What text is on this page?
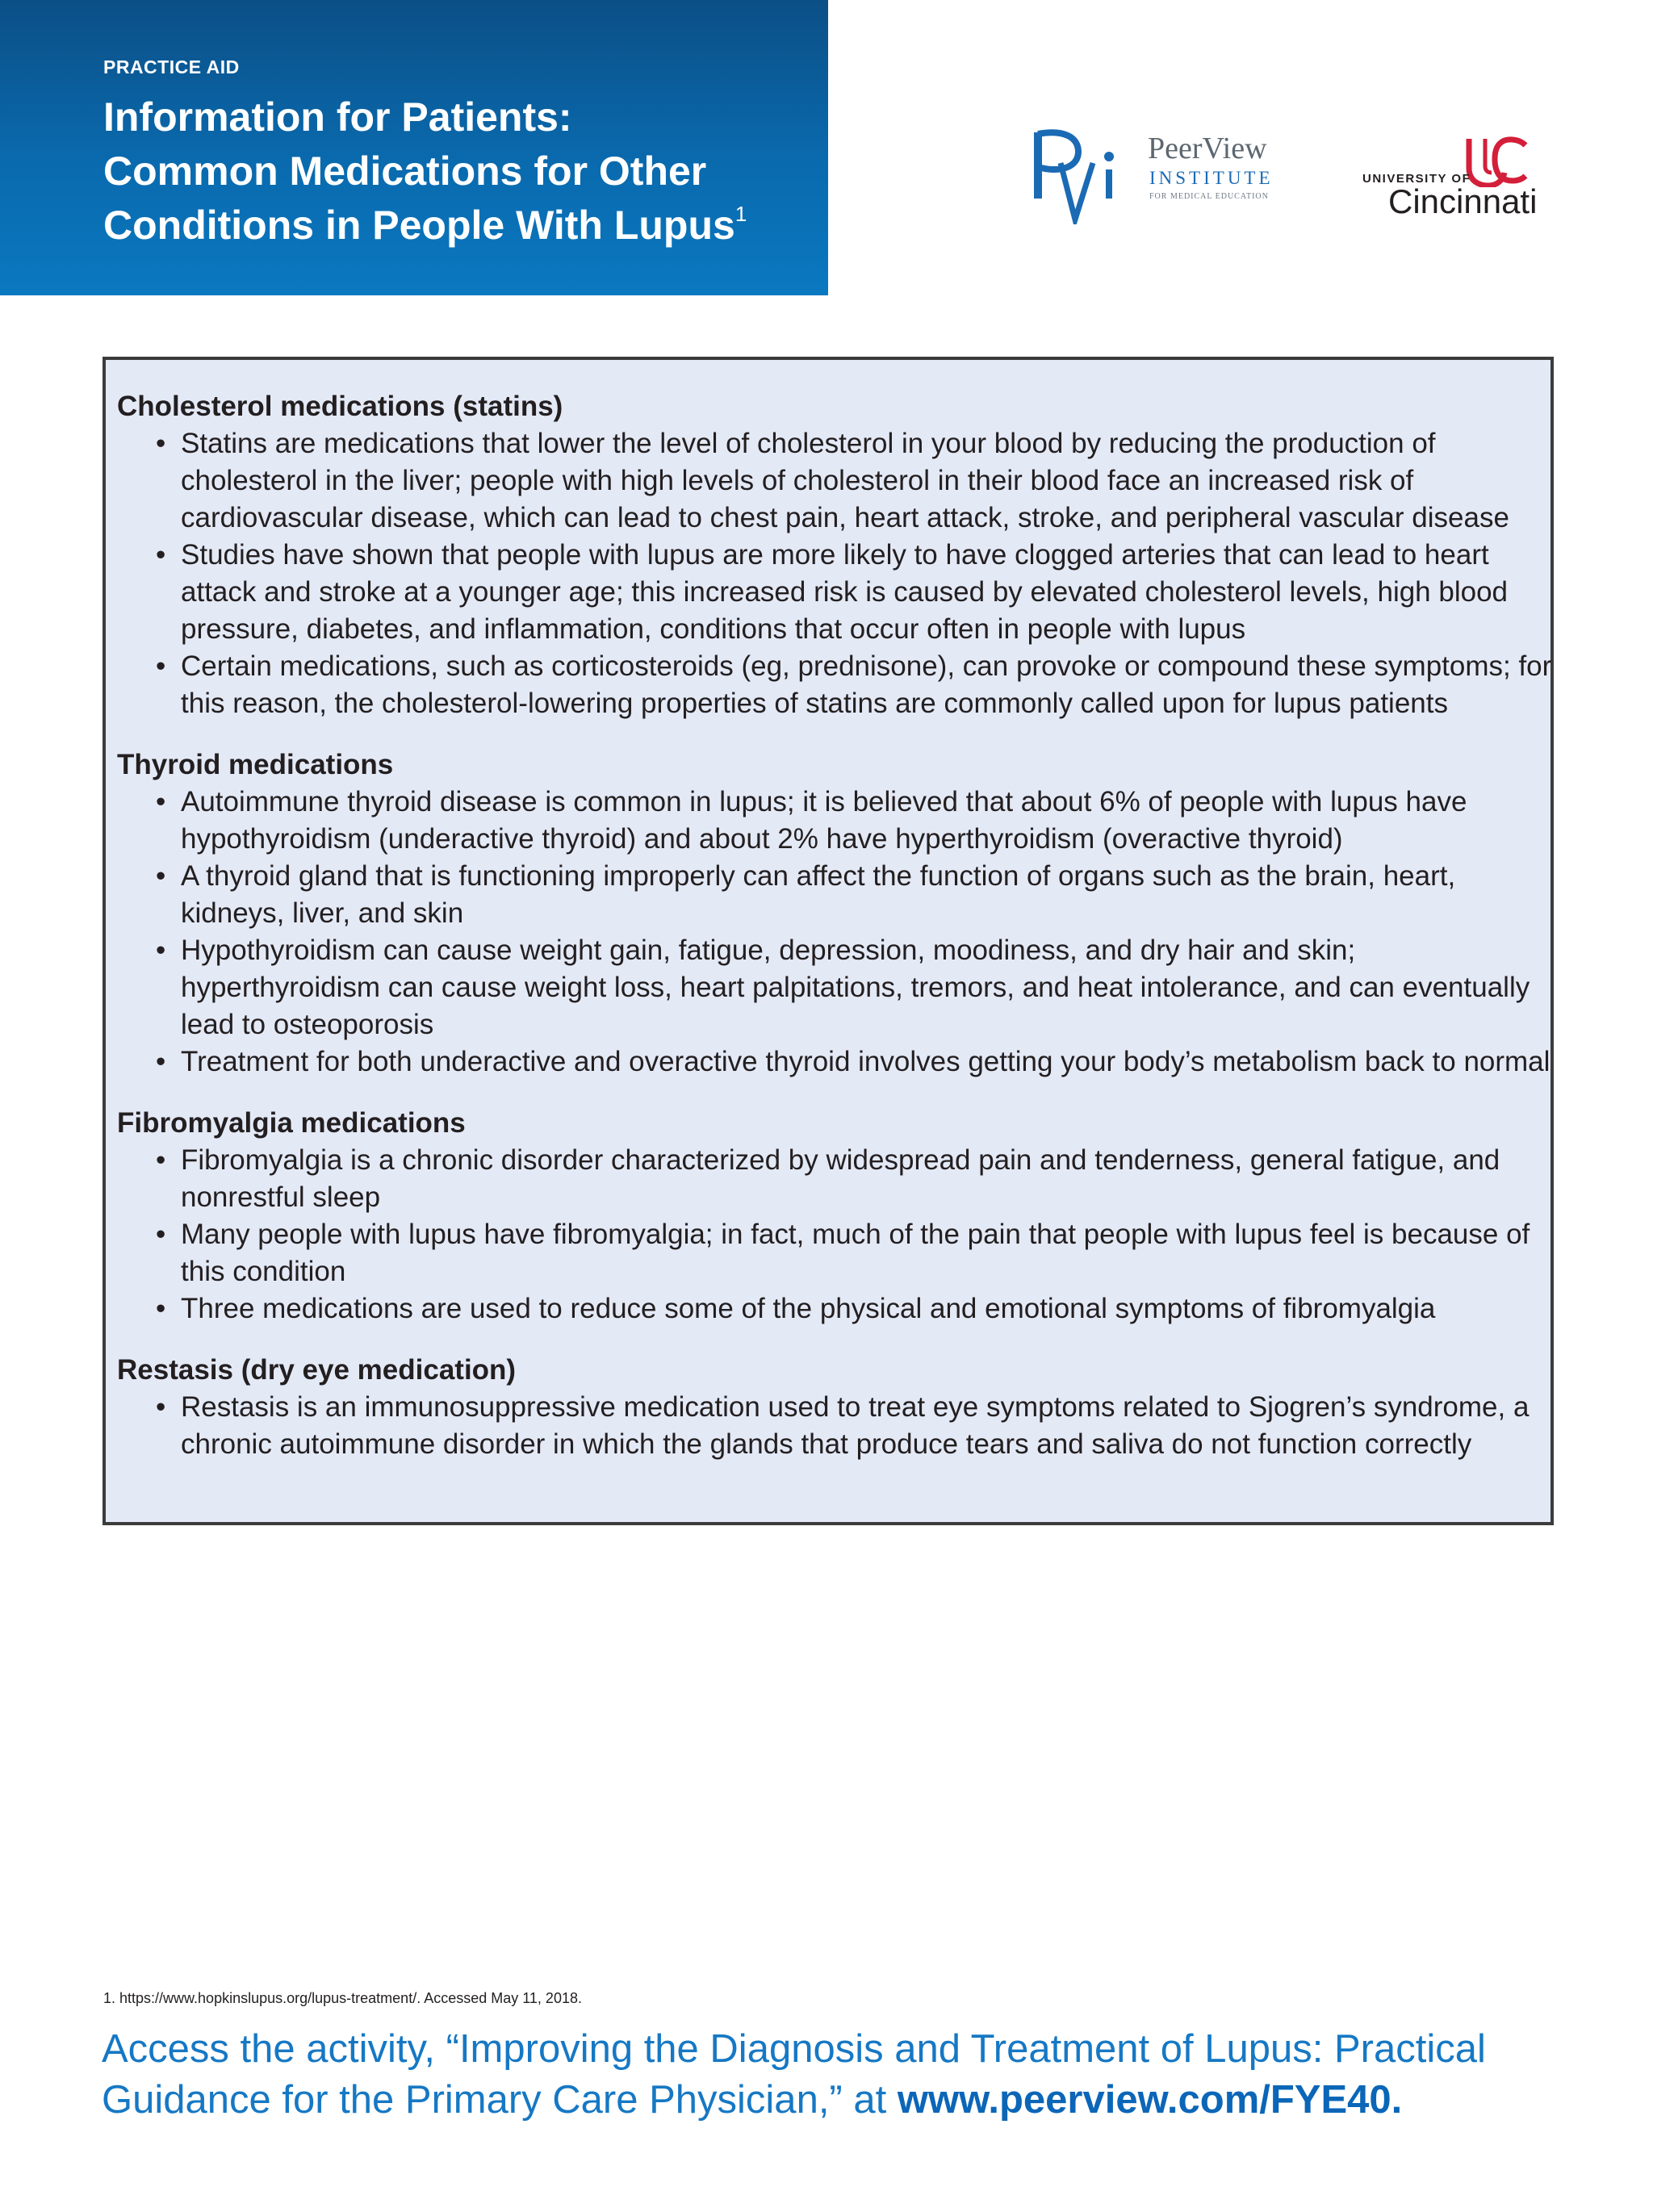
PRACTICE AID
Information for Patients:
Common Medications for Other
Conditions in People With Lupus$^1$
PeerView
INSTITUTE
FOR MEDICAL EDUCATION
UNIVERSITY OF
Cincinnati
Cholesterol medications (statins)
• Statins are medications that lower the level of cholesterol in your blood by reducing the production of cholesterol in the liver; people with high levels of cholesterol in their blood face an increased risk of cardiovascular disease, which can lead to chest pain, heart attack, stroke, and peripheral vascular disease
• Studies have shown that people with lupus are more likely to have clogged arteries that can lead to heart attack and stroke at a younger age; this increased risk is caused by elevated cholesterol levels, high blood pressure, diabetes, and inflammation, conditions that occur often in people with lupus
• Certain medications, such as corticosteroids (eg, prednisone), can provoke or compound these symptoms; for this reason, the cholesterol-lowering properties of statins are commonly called upon for lupus patients
Thyroid medications
• Autoimmune thyroid disease is common in lupus; it is believed that about 6% of people with lupus have hypothyroidism (underactive thyroid) and about 2% have hyperthyroidism (overactive thyroid)
• A thyroid gland that is functioning improperly can affect the function of organs such as the brain, heart, kidneys, liver, and skin
• Hypothyroidism can cause weight gain, fatigue, depression, moodiness, and dry hair and skin; hyperthyroidism can cause weight loss, heart palpitations, tremors, and heat intolerance, and can eventually lead to osteoporosis
• Treatment for both underactive and overactive thyroid involves getting your body’s metabolism back to normal
Fibromyalgia medications
• Fibromyalgia is a chronic disorder characterized by widespread pain and tenderness, general fatigue, and nonrestful sleep
• Many people with lupus have fibromyalgia; in fact, much of the pain that people with lupus feel is because of this condition
• Three medications are used to reduce some of the physical and emotional symptoms of fibromyalgia
Restasis (dry eye medication)
• Restasis is an immunosuppressive medication used to treat eye symptoms related to Sjogren’s syndrome, a chronic autoimmune disorder in which the glands that produce tears and saliva do not function correctly
1. https://www.hopkinslupus.org/lupus-treatment/. Accessed May 11, 2018.
Access the activity, “Improving the Diagnosis and Treatment of Lupus: Practical
Guidance for the Primary Care Physician,” at www.peerview.com/FYE40.
